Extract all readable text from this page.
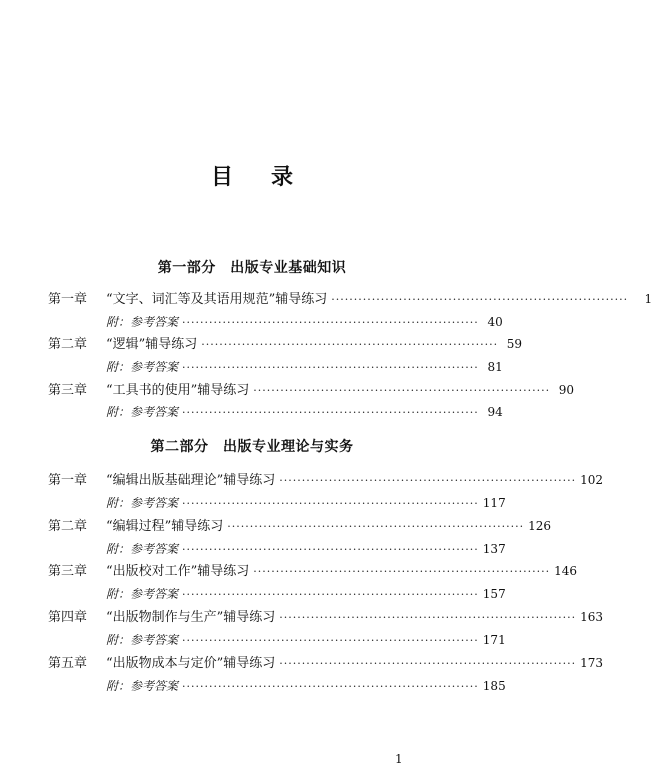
目录
第一部分　出版专业基础知识
第一章	“文字、词汇等及其语用规范”辅导练习 ··································································	1
附：参考答案 ·································································· 40
第二章	“逻辑”辅导练习 ·································································· 59
附：参考答案 ·································································· 81
第三章	“工具书的使用”辅导练习 ·································································· 90
附：参考答案 ·································································· 94
第二部分　出版专业理论与实务
第一章	“编辑出版基础理论”辅导练习 ·································································· 102
附：参考答案 ·································································· 117
第二章	“编辑过程”辅导练习 ·································································· 126
附：参考答案 ·································································· 137
第三章	“出版校对工作”辅导练习 ·································································· 146
附：参考答案 ·································································· 157
第四章	“出版物制作与生产”辅导练习 ·································································· 163
附：参考答案 ·································································· 171
第五章	“出版物成本与定价”辅导练习 ·································································· 173
附：参考答案 ·································································· 185
1
